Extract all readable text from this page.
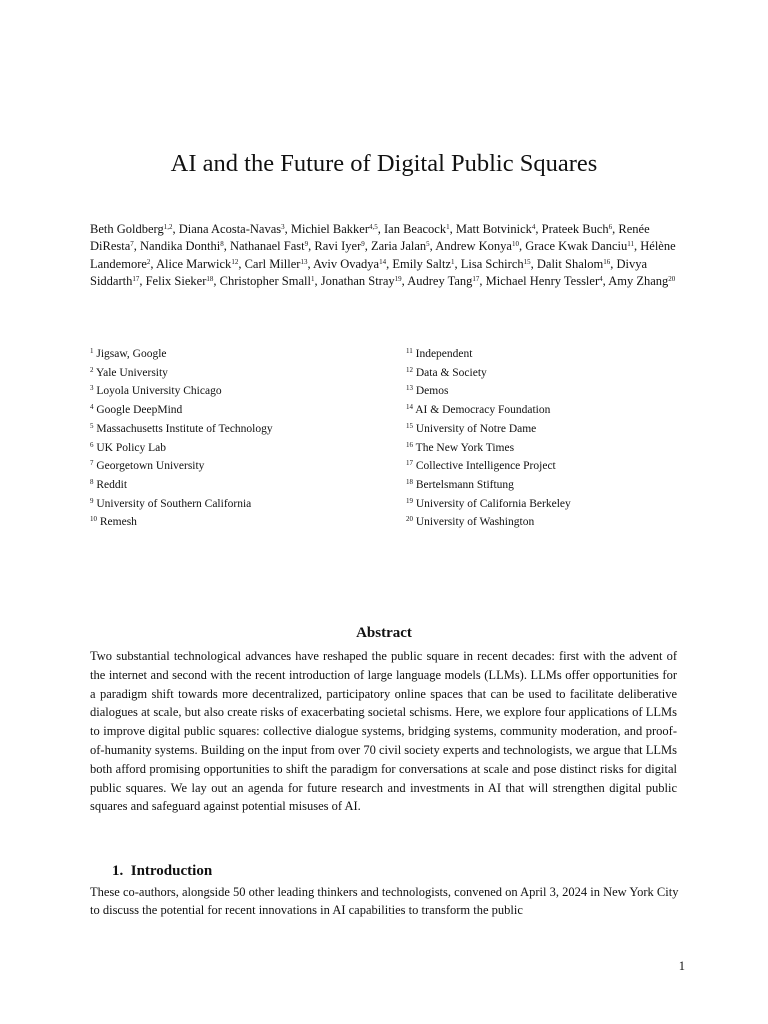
AI and the Future of Digital Public Squares

Beth Goldberg$^{1,2}$, Diana Acosta-Navas$^3$, Michiel Bakker$^{4,5}$, Ian Beacock$^1$, Matt Botvinick$^4$, Prateek Buch$^6$, Renée DiResta$^7$, Nandika Donthi$^8$, Nathanael Fast$^9$, Ravi Iyer$^9$, Zaria Jalan$^5$, Andrew Konya$^{10}$, Grace Kwak Danciu$^{11}$, Hélène Landemore$^2$, Alice Marwick$^{12}$, Carl Miller$^{13}$, Aviv Ovadya$^{14}$, Emily Saltz$^1$, Lisa Schirch$^{15}$, Dalit Shalom$^{16}$, Divya Siddarth$^{17}$, Felix Sieker$^{18}$, Christopher Small$^1$, Jonathan Stray$^{19}$, Audrey Tang$^{17}$, Michael Henry Tessler$^4$, Amy Zhang$^{20}$

$^1$ Jigsaw, Google
$^2$ Yale University
$^3$ Loyola University Chicago
$^4$ Google DeepMind
$^5$ Massachusetts Institute of Technology
$^6$ UK Policy Lab
$^7$ Georgetown University
$^8$ Reddit
$^9$ University of Southern California
$^{10}$ Remesh
$^{11}$ Independent
$^{12}$ Data & Society
$^{13}$ Demos
$^{14}$ AI & Democracy Foundation
$^{15}$ University of Notre Dame
$^{16}$ The New York Times
$^{17}$ Collective Intelligence Project
$^{18}$ Bertelsmann Stiftung
$^{19}$ University of California Berkeley
$^{20}$ University of Washington
Abstract

Two substantial technological advances have reshaped the public square in recent decades: first with the advent of the internet and second with the recent introduction of large language models (LLMs). LLMs offer opportunities for a paradigm shift towards more decentralized, participatory online spaces that can be used to facilitate deliberative dialogues at scale, but also create risks of exacerbating societal schisms. Here, we explore four applications of LLMs to improve digital public squares: collective dialogue systems, bridging systems, community moderation, and proof-of-humanity systems. Building on the input from over 70 civil society experts and technologists, we argue that LLMs both afford promising opportunities to shift the paradigm for conversations at scale and pose distinct risks for digital public squares. We lay out an agenda for future research and investments in AI that will strengthen digital public squares and safeguard against potential misuses of AI.

1.  Introduction

These co-authors, alongside 50 other leading thinkers and technologists, convened on April 3, 2024 in New York City to discuss the potential for recent innovations in AI capabilities to transform the public

1
